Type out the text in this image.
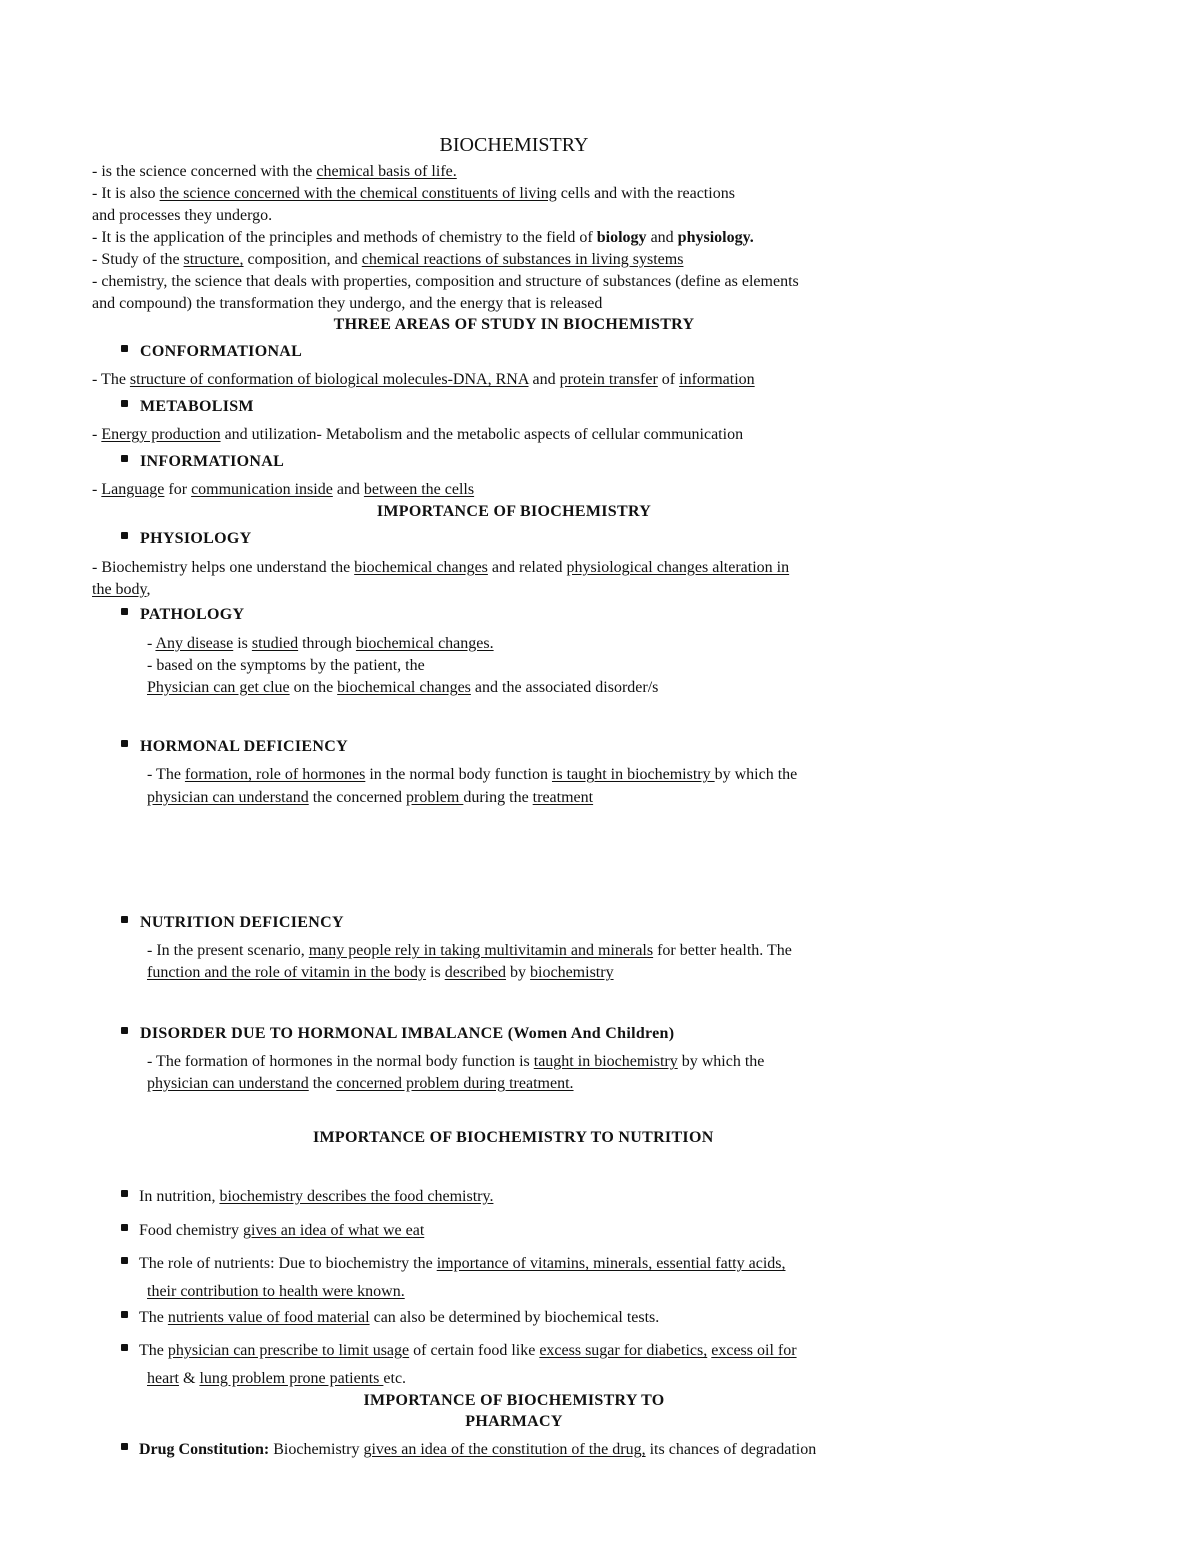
BIOCHEMISTRY
- is the science concerned with the chemical basis of life.
- It is also the science concerned with the chemical constituents of living cells and with the reactions
and processes they undergo.
- It is the application of the principles and methods of chemistry to the field of biology and physiology.
- Study of the structure, composition, and chemical reactions of substances in living systems
- chemistry, the science that deals with properties, composition and structure of substances (define as elements
and compound) the transformation they undergo, and the energy that is released
THREE AREAS OF STUDY IN BIOCHEMISTRY
CONFORMATIONAL
- The structure of conformation of biological molecules-DNA, RNA and protein transfer of information
METABOLISM
- Energy production and utilization- Metabolism and the metabolic aspects of cellular communication
INFORMATIONAL
- Language for communication inside and between the cells
IMPORTANCE OF BIOCHEMISTRY
PHYSIOLOGY
- Biochemistry helps one understand the biochemical changes and related physiological changes alteration in
the body,
PATHOLOGY
- Any disease is studied through biochemical changes.
- based on the symptoms by the patient, the
Physician can get clue on the biochemical changes and the associated disorder/s
HORMONAL DEFICIENCY
- The formation, role of hormones in the normal body function is taught in biochemistry by which the
physician can understand the concerned problem during the treatment
NUTRITION DEFICIENCY
- In the present scenario, many people rely in taking multivitamin and minerals for better health. The
function and the role of vitamin in the body is described by biochemistry
DISORDER DUE TO HORMONAL IMBALANCE (Women And Children)
- The formation of hormones in the normal body function is taught in biochemistry by which the
physician can understand the concerned problem during treatment.
IMPORTANCE OF BIOCHEMISTRY TO NUTRITION
In nutrition, biochemistry describes the food chemistry.
Food chemistry gives an idea of what we eat
The role of nutrients: Due to biochemistry the importance of vitamins, minerals, essential fatty acids,
their contribution to health were known.
The nutrients value of food material can also be determined by biochemical tests.
The physician can prescribe to limit usage of certain food like excess sugar for diabetics, excess oil for
heart & lung problem prone patients etc.
IMPORTANCE OF BIOCHEMISTRY TO
PHARMACY
Drug Constitution: Biochemistry gives an idea of the constitution of the drug, its chances of degradation
